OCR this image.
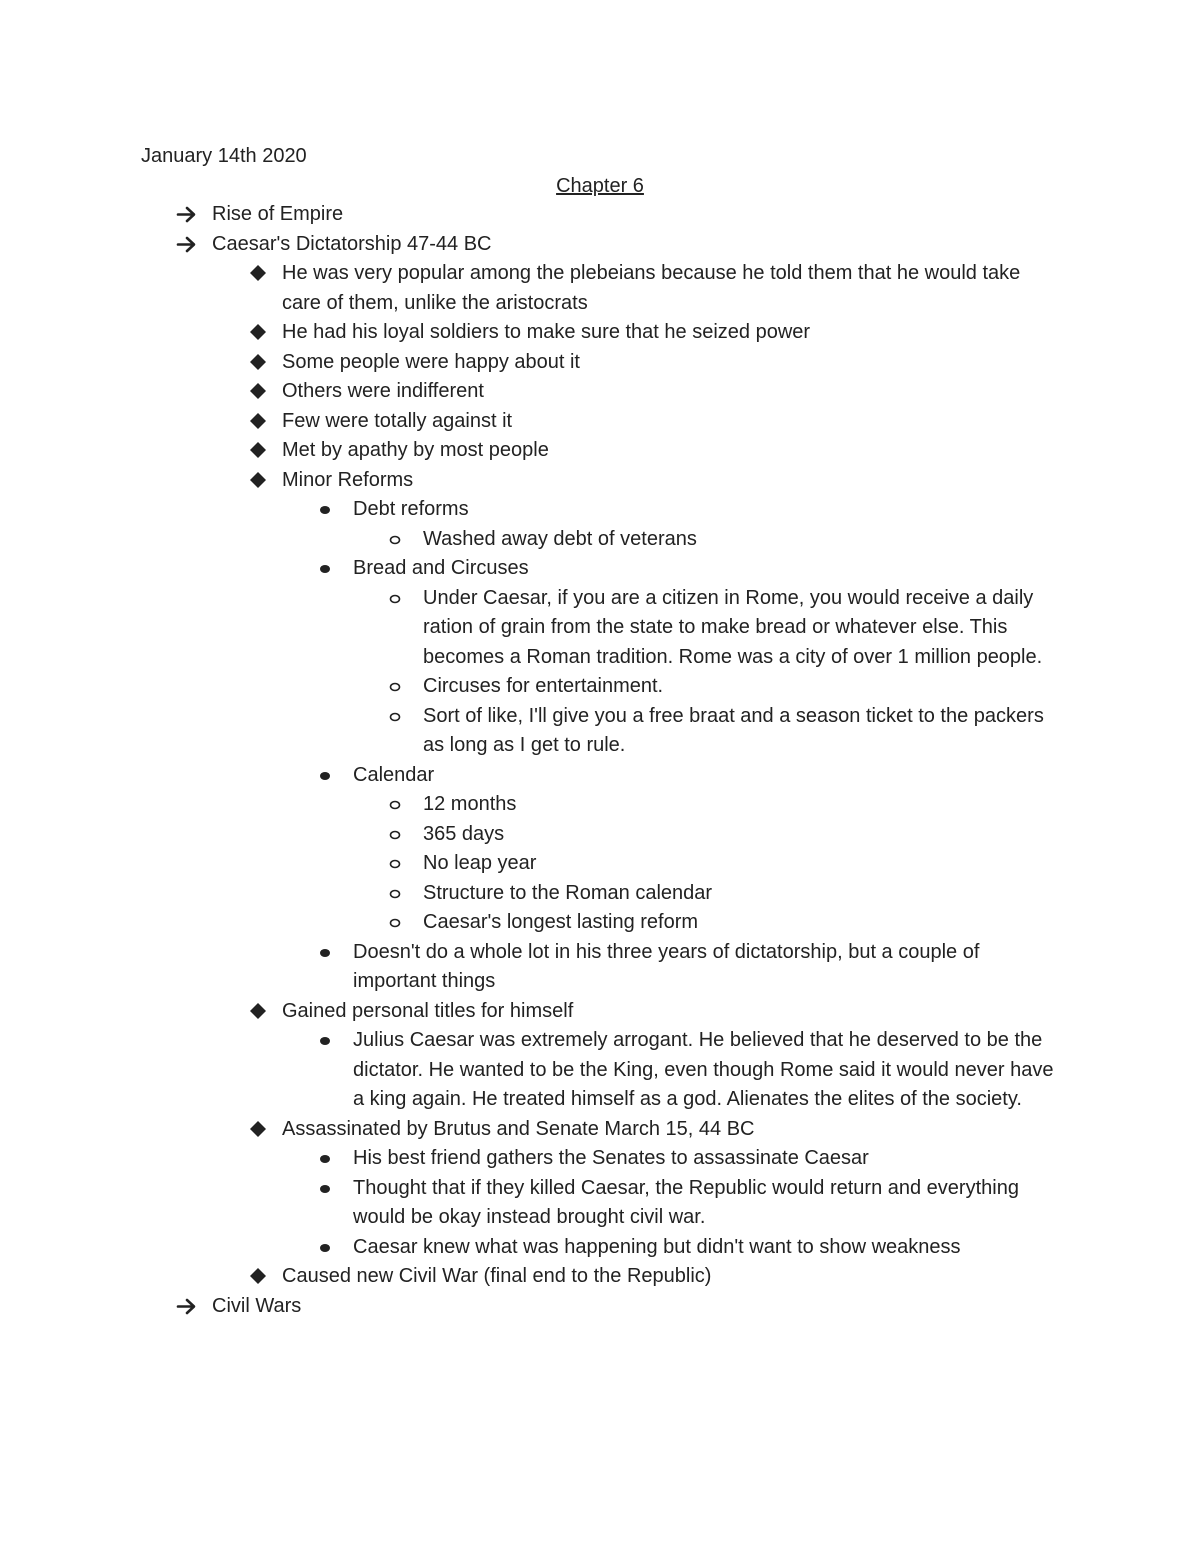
January 14th 2020

Chapter 6
Rise of Empire
Caesar's Dictatorship 47-44 BC
He was very popular among the plebeians because he told them that he would take care of them, unlike the aristocrats
He had his loyal soldiers to make sure that he seized power
Some people were happy about it
Others were indifferent
Few were totally against it
Met by apathy by most people
Minor Reforms
Debt reforms
Washed away debt of veterans
Bread and Circuses
Under Caesar, if you are a citizen in Rome, you would receive a daily ration of grain from the state to make bread or whatever else. This becomes a Roman tradition. Rome was a city of over 1 million people.
Circuses for entertainment.
Sort of like, I'll give you a free braat and a season ticket to the packers as long as I get to rule.
Calendar
12 months
365 days
No leap year
Structure to the Roman calendar
Caesar's longest lasting reform
Doesn't do a whole lot in his three years of dictatorship, but a couple of important things
Gained personal titles for himself
Julius Caesar was extremely arrogant. He believed that he deserved to be the dictator. He wanted to be the King, even though Rome said it would never have a king again. He treated himself as a god. Alienates the elites of the society.
Assassinated by Brutus and Senate March 15, 44 BC
His best friend gathers the Senates to assassinate Caesar
Thought that if they killed Caesar, the Republic would return and everything would be okay instead brought civil war.
Caesar knew what was happening but didn't want to show weakness
Caused new Civil War (final end to the Republic)
Civil Wars
